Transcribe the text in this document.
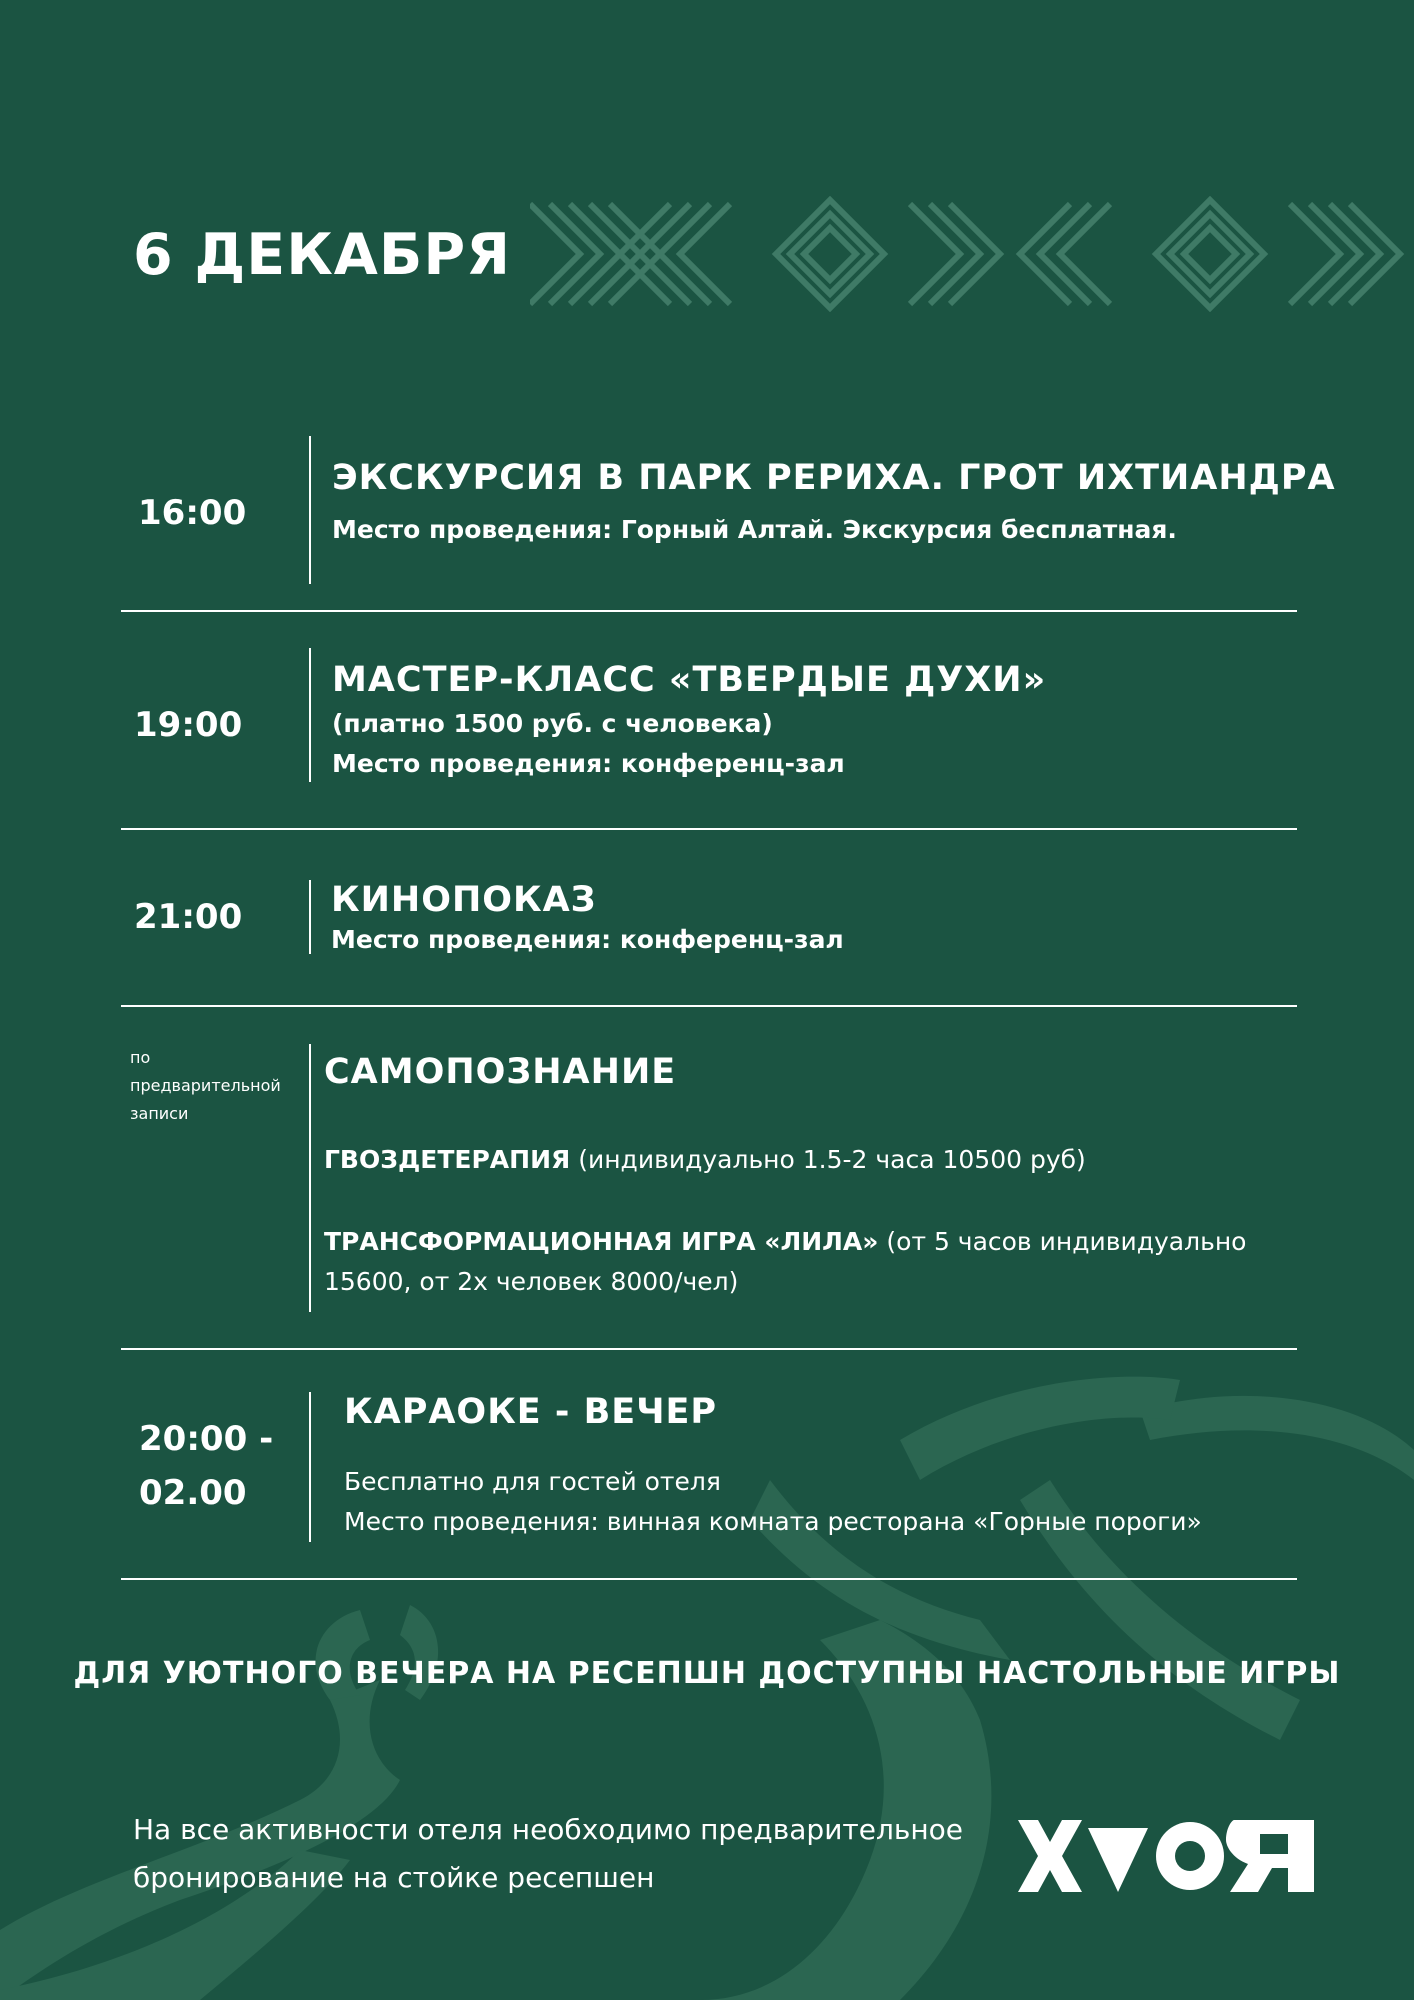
6 ДЕКАБРЯ
16:00
ЭКСКУРСИЯ В ПАРК РЕРИХА. ГРОТ ИХТИАНДРА
Место проведения: Горный Алтай. Экскурсия бесплатная.
19:00
МАСТЕР-КЛАСС «ТВЕРДЫЕ ДУХИ»
(платно 1500 руб. с человека)
Место проведения: конференц-зал
21:00	КИНОПОКАЗ
Место проведения: конференц-зал
по
предварительной
записи
САМОПОЗНАНИЕ
ГВОЗДЕТЕРАПИЯ (индивидуально 1.5-2 часа 10500 руб)
ТРАНСФОРМАЦИОННАЯ ИГРА «ЛИЛА» (от 5 часов индивидуально 15600, от 2х человек 8000/чел)
20:00 -
02.00
КАРАОКЕ - ВЕЧЕР
Бесплатно для гостей отеля
Место проведения: винная комната ресторана «Горные пороги»
ДЛЯ УЮТНОГО ВЕЧЕРА НА РЕСЕПШН ДОСТУПНЫ НАСТОЛЬНЫЕ ИГРЫ
На все активности отеля необходимо предварительное
бронирование на стойке ресепшен
